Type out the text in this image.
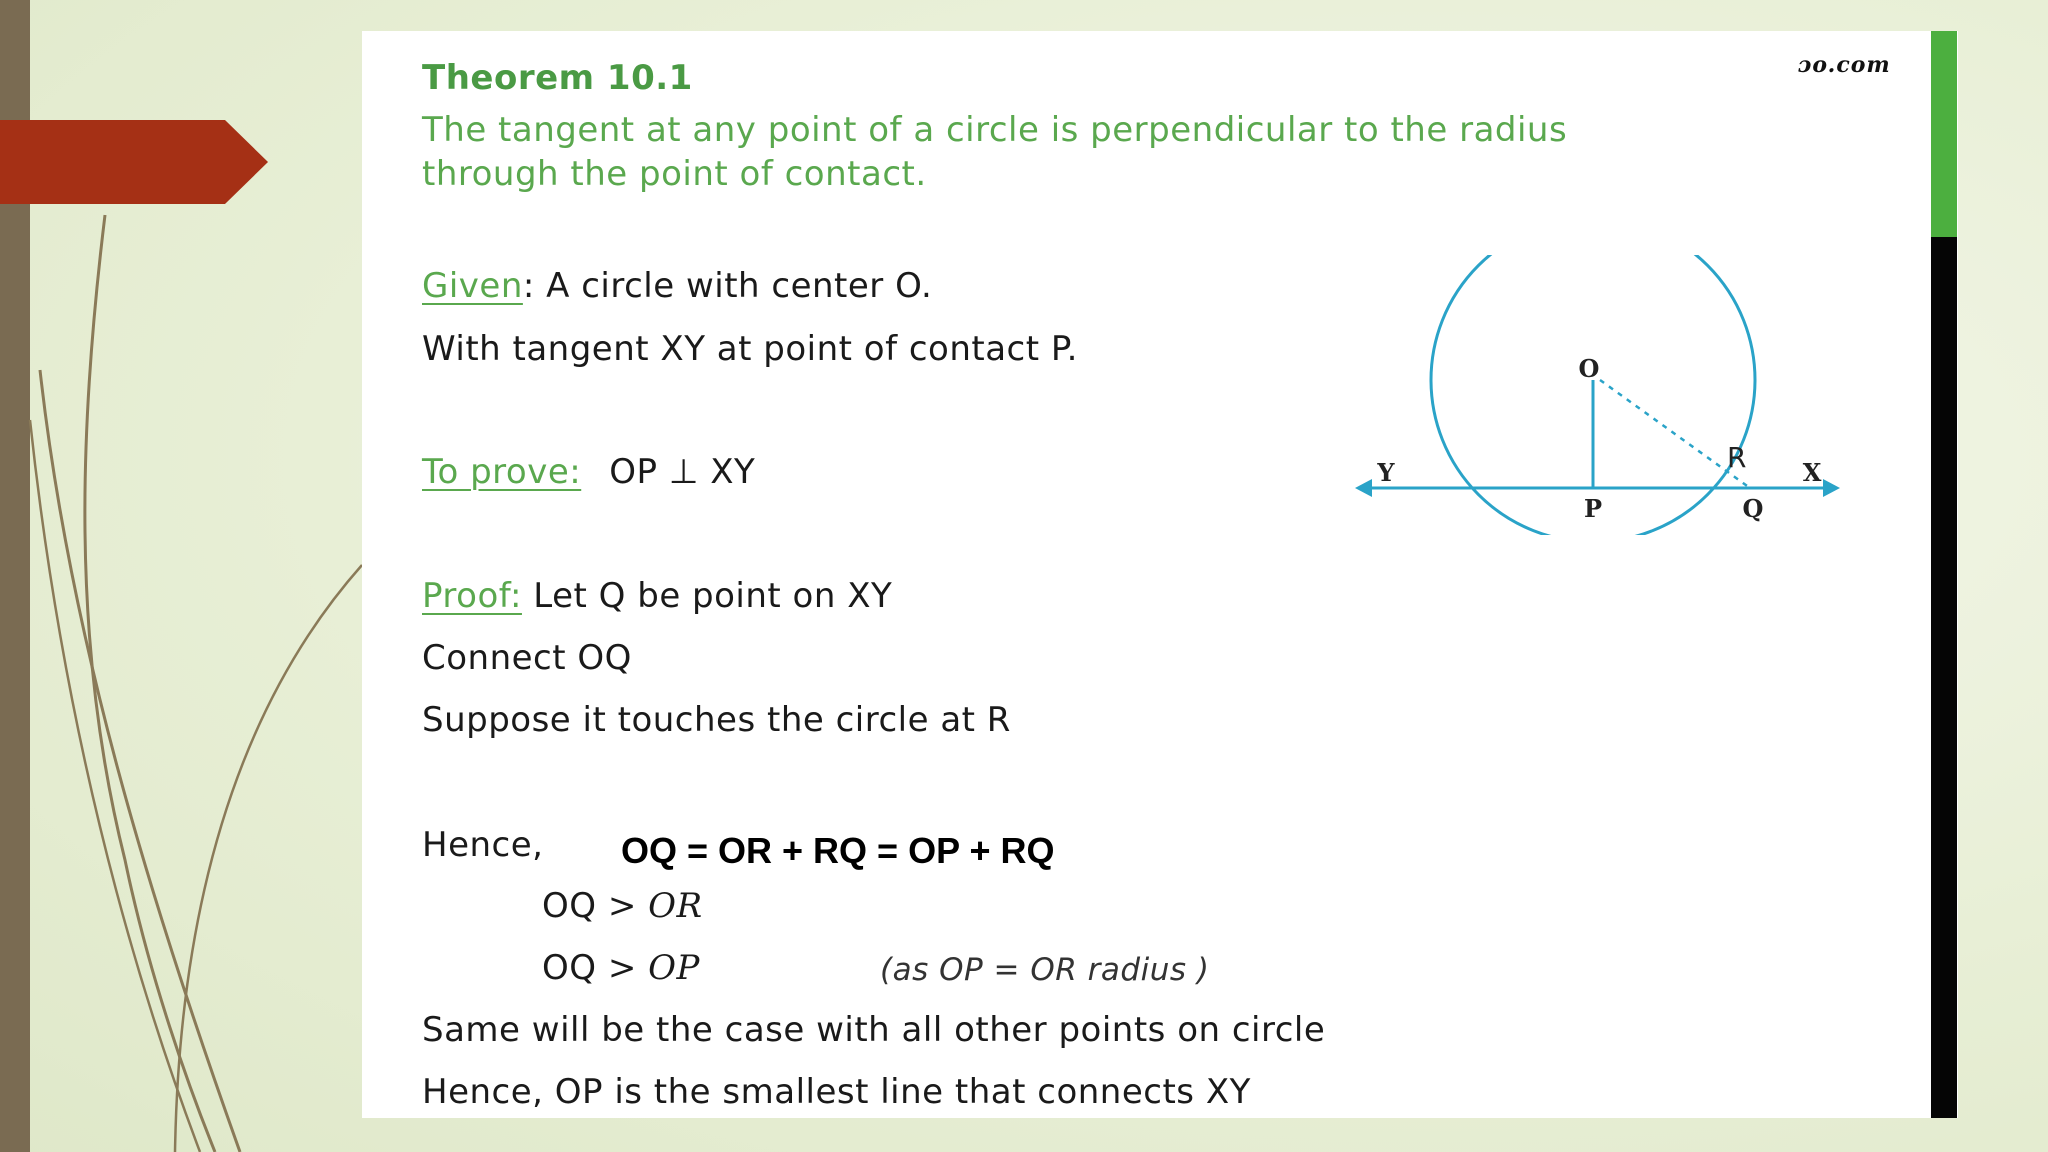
ɔo.com
Theorem 10.1
The tangent at any point of a circle is perpendicular to the radius
through the point of contact.
Given: A circle with center O.
With tangent XY at point of contact P.
To prove: OP ⊥ XY
Proof: Let Q be point on XY
Connect OQ
Suppose it touches the circle at R
Hence, OQ = OR + RQ = OP + RQ
OQ > OR
OQ > OP	(as OP = OR radius )
Same will be the case with all other points on circle
Hence, OP is the smallest line that connects XY
O
P	Q
R X
Y
